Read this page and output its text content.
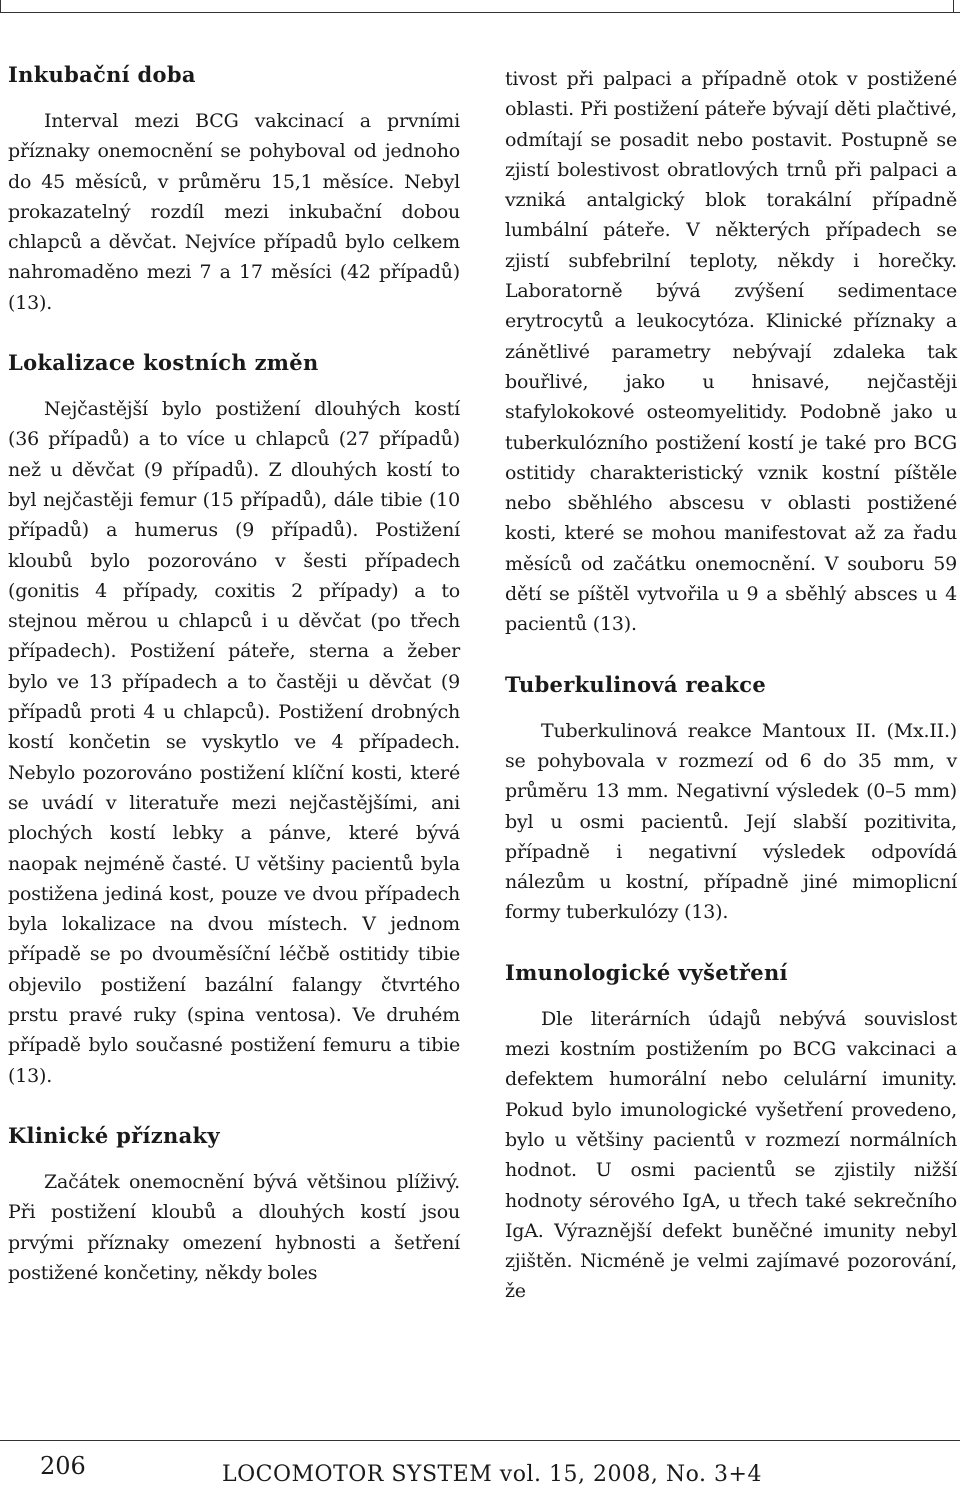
Inkubační doba

Interval mezi BCG vakcinací a prvními příznaky onemocnění se pohyboval od jednoho do 45 měsíců, v průměru 15,1 měsíce. Nebyl prokazatelný rozdíl mezi inkubační dobou chlapců a děvčat. Nejvíce případů bylo celkem nahromaděno mezi 7 a 17 měsíci (42 případů) (13).

Lokalizace kostních změn

Nejčastější bylo postižení dlouhých kostí (36 případů) a to více u chlapců (27 případů) než u děvčat (9 případů). Z dlouhých kostí to byl nejčastěji femur (15 případů), dále tibie (10 případů) a humerus (9 případů). Postižení kloubů bylo pozorováno v šesti případech (gonitis 4 případy, coxitis 2 případy) a to stejnou měrou u chlapců i u děvčat (po třech případech). Postižení páteře, sterna a žeber bylo ve 13 případech a to častěji u děvčat (9 případů proti 4 u chlapců). Postižení drobných kostí končetin se vyskytlo ve 4 případech. Nebylo pozorováno postižení klíční kosti, které se uvádí v literatuře mezi nejčastějšími, ani plochých kostí lebky a pánve, které bývá naopak nejméně časté. U většiny pacientů byla postižena jediná kost, pouze ve dvou případech byla lokalizace na dvou místech. V jednom případě se po dvouměsíční léčbě ostitidy tibie objevilo postižení bazální falangy čtvrtého prstu pravé ruky (spina ventosa). Ve druhém případě bylo současné postižení femuru a tibie (13).

Klinické příznaky

Začátek onemocnění bývá většinou plíživý. Při postižení kloubů a dlouhých kostí jsou prvými příznaky omezení hybnosti a šetření postižené končetiny, někdy boles

tivost při palpaci a případně otok v postižené oblasti. Při postižení páteře bývají děti plačtivé, odmítají se posadit nebo postavit. Postupně se zjistí bolestivost obratlových trnů při palpaci a vzniká antalgický blok torakální případně lumbální páteře. V některých případech se zjistí subfebrilní teploty, někdy i horečky. Laboratorně bývá zvýšení sedimentace erytrocytů a leukocytóza. Klinické příznaky a zánětlivé parametry nebývají zdaleka tak bouřlivé, jako u hnisavé, nejčastěji stafylokokové osteomyelitidy. Podobně jako u tuberkulózního postižení kostí je také pro BCG ostitidy charakteristický vznik kostní píštěle nebo sběhlého abscesu v oblasti postižené kosti, které se mohou manifestovat až za řadu měsíců od začátku onemocnění. V souboru 59 dětí se píštěl vytvořila u 9 a sběhlý absces u 4 pacientů (13).

Tuberkulinová reakce

Tuberkulinová reakce Mantoux II. (Mx.II.) se pohybovala v rozmezí od 6 do 35 mm, v průměru 13 mm. Negativní výsledek (0–5 mm) byl u osmi pacientů. Její slabší pozitivita, případně i negativní výsledek odpovídá nálezům u kostní, případně jiné mimoplicní formy tuberkulózy (13).

Imunologické vyšetření

Dle literárních údajů nebývá souvislost mezi kostním postižením po BCG vakcinaci a defektem humorální nebo celulární imunity. Pokud bylo imunologické vyšetření provedeno, bylo u většiny pacientů v rozmezí normálních hodnot. U osmi pacientů se zjistily nižší hodnoty sérového IgA, u třech také sekrečního IgA. Výraznější defekt buněčné imunity nebyl zjištěn. Nicméně je velmi zajímavé pozorování, že

206	LOCOMOTOR SYSTEM vol. 15, 2008, No. 3+4
